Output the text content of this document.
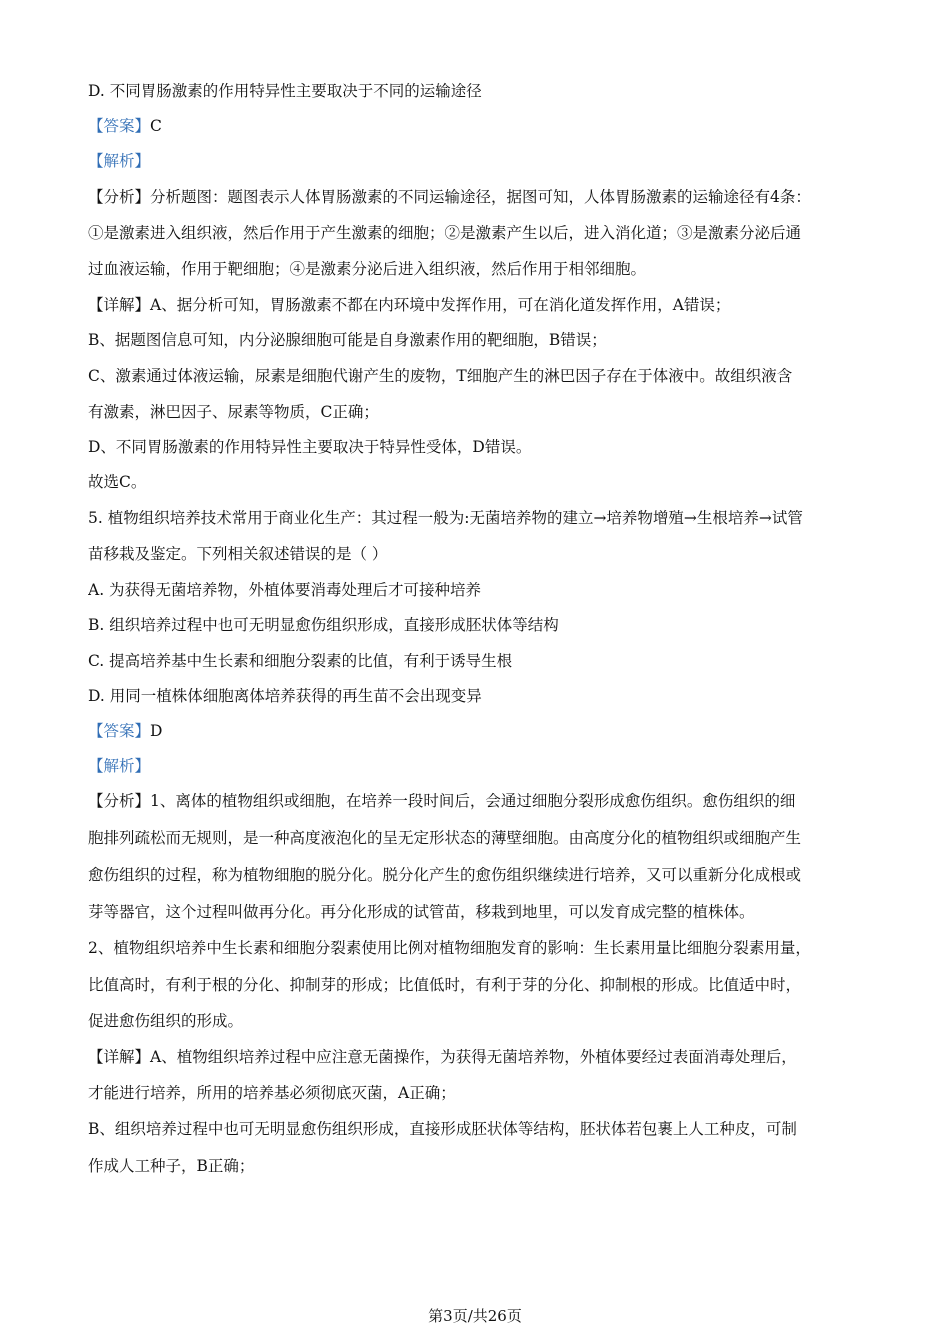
D. 不同胃肠激素的作用特异性主要取决于不同的运输途径
【答案】C
【解析】
【分析】分析题图：题图表示人体胃肠激素的不同运输途径，据图可知，人体胃肠激素的运输途径有4条：
①是激素进入组织液，然后作用于产生激素的细胞；②是激素产生以后，进入消化道；③是激素分泌后通
过血液运输，作用于靶细胞；④是激素分泌后进入组织液，然后作用于相邻细胞。
【详解】A、据分析可知，胃肠激素不都在内环境中发挥作用，可在消化道发挥作用，A错误；
B、据题图信息可知，内分泌腺细胞可能是自身激素作用的靶细胞，B错误；
C、激素通过体液运输，尿素是细胞代谢产生的废物，T细胞产生的淋巴因子存在于体液中。故组织液含
有激素，淋巴因子、尿素等物质，C正确；
D、不同胃肠激素的作用特异性主要取决于特异性受体，D错误。
故选C。
5. 植物组织培养技术常用于商业化生产：其过程一般为:无菌培养物的建立→培养物增殖→生根培养→试管
苗移栽及鉴定。下列相关叙述错误的是（ ）
A. 为获得无菌培养物，外植体要消毒处理后才可接种培养
B. 组织培养过程中也可无明显愈伤组织形成，直接形成胚状体等结构
C. 提高培养基中生长素和细胞分裂素的比值，有利于诱导生根
D. 用同一植株体细胞离体培养获得的再生苗不会出现变异
【答案】D
【解析】
【分析】1、离体的植物组织或细胞，在培养一段时间后，会通过细胞分裂形成愈伤组织。愈伤组织的细
胞排列疏松而无规则，是一种高度液泡化的呈无定形状态的薄壁细胞。由高度分化的植物组织或细胞产生
愈伤组织的过程，称为植物细胞的脱分化。脱分化产生的愈伤组织继续进行培养，又可以重新分化成根或
芽等器官，这个过程叫做再分化。再分化形成的试管苗，移栽到地里，可以发育成完整的植株体。
2、植物组织培养中生长素和细胞分裂素使用比例对植物细胞发育的影响：生长素用量比细胞分裂素用量，
比值高时，有利于根的分化、抑制芽的形成；比值低时，有利于芽的分化、抑制根的形成。比值适中时，
促进愈伤组织的形成。
【详解】A、植物组织培养过程中应注意无菌操作，为获得无菌培养物，外植体要经过表面消毒处理后，
才能进行培养，所用的培养基必须彻底灭菌，A正确；
B、组织培养过程中也可无明显愈伤组织形成，直接形成胚状体等结构，胚状体若包裹上人工种皮，可制
作成人工种子，B正确；
第3页/共26页
